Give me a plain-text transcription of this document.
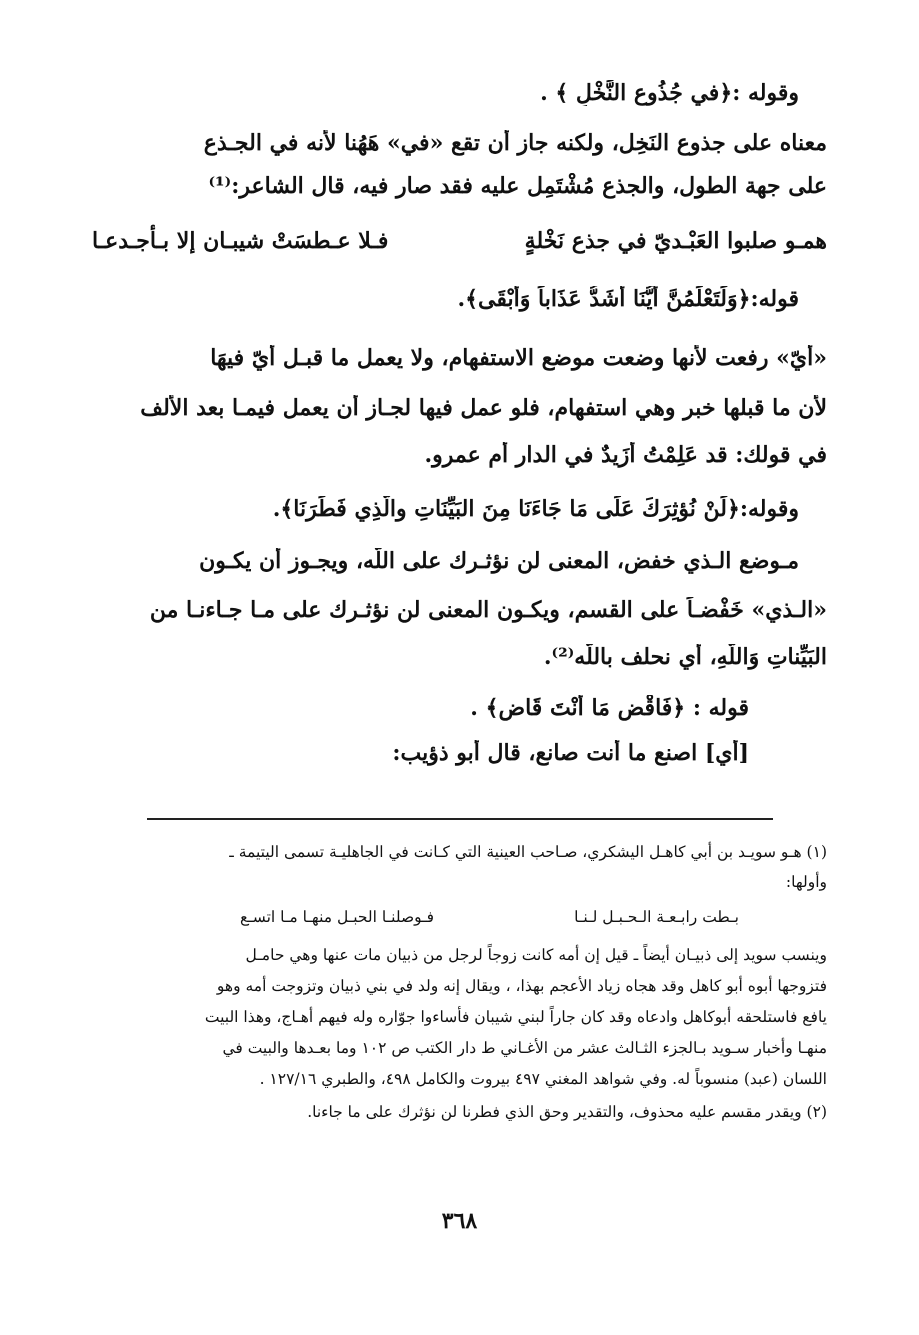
وقوله :﴿في جُذُوعِ النَّخْلِ ﴾ .
معناه على جذوع النَخِل، ولكنه جاز أن تقع «في» هَهُنا لأنه في الجـذع
على جهة الطول، والجذع مُشْتَمِل عليه فقد صار فيه، قال الشاعر:⁽¹⁾
همـو صلبوا العَبْـديّ في جذع نَخْلةٍ
فـلا عـطسَتْ شيبـان إلا بـأجـدعـا
قوله:﴿وَلَتَعْلَمُنَّ أَيُّنَا أَشَدُّ عَذَاباً وَأَبْقَى﴾.
«أيّ» رفعت لأنها وضعت موضع الاستفهام، ولا يعمل ما قبـل أَيّ فيهَا
لأن ما قبلها خبر وهي استفهام، فلو عمل فيها لجـاز أن يعمل فيمـا بعد الألف
في قولك: قد عَلِمْتُ أَزَيدٌ في الدار أم عمرو.
وقوله:﴿لَنْ نُؤثِرَكَ عَلَى مَا جَاءَنَا مِنَ البَيِّنَاتِ والَّذِي فَطَرَنَا﴾.
مـوضع الـذي خفض، المعنى لن نؤثـرك على اللّه، ويجـوز أن يكـون
«الـذي» خَفْضـاً على القسم، ويكـون المعنى لن نؤثـرك على مـا جـاءنـا من
البَيِّناتِ وَاللَّهِ، أي نحلف باللّه⁽²⁾.
قوله : ﴿فَاقْضِ مَا أَنْتَ قَاضٍ﴾ .
[أي] اصنع ما أنت صانع، قال أبو ذؤيب:
(١) هـو سويـد بن أبي كاهـل اليشكري، صـاحب العينية التي كـانت في الجاهليـة تسمى اليتيمة ـ
وأولها:
بـطت رابـعـة الـحـبـل لـنـا
فـوصلنـا الحبـل منهـا مـا اتسـع
وينسب سويد إلى ذبيـان أيضاً ـ قيل إن أمه كانت زوجاً لرجل من ذبيان مات عنها وهي حامـل
فتزوجها أبوه أبو كاهل وقد هجاه زياد الأعجم بهذا، ، ويقال إنه ولد في بني ذبيان وتزوجت أمه وهو
يافع فاستلحقه أبوكاهل وادعاه وقد كان جاراً لبني شيبان فأساءوا جوّاره وله فيهم أهـاج، وهذا البيت
منهـا وأخبار سـويد بـالجزء الثـالث عشر من الأغـاني ط دار الكتب ص ١٠٢ وما بعـدها والبيت في
اللسان (عبد) منسوباً له. وفي شواهد المغني ٤٩٧ بيروت والكامل ٤٩٨، والطبري ١٢٧/١٦ .
(٢) ويقدر مقسم عليه محذوف، والتقدير وحق الذي فطرنا لن نؤثرك على ما جاءنا.
٣٦٨
